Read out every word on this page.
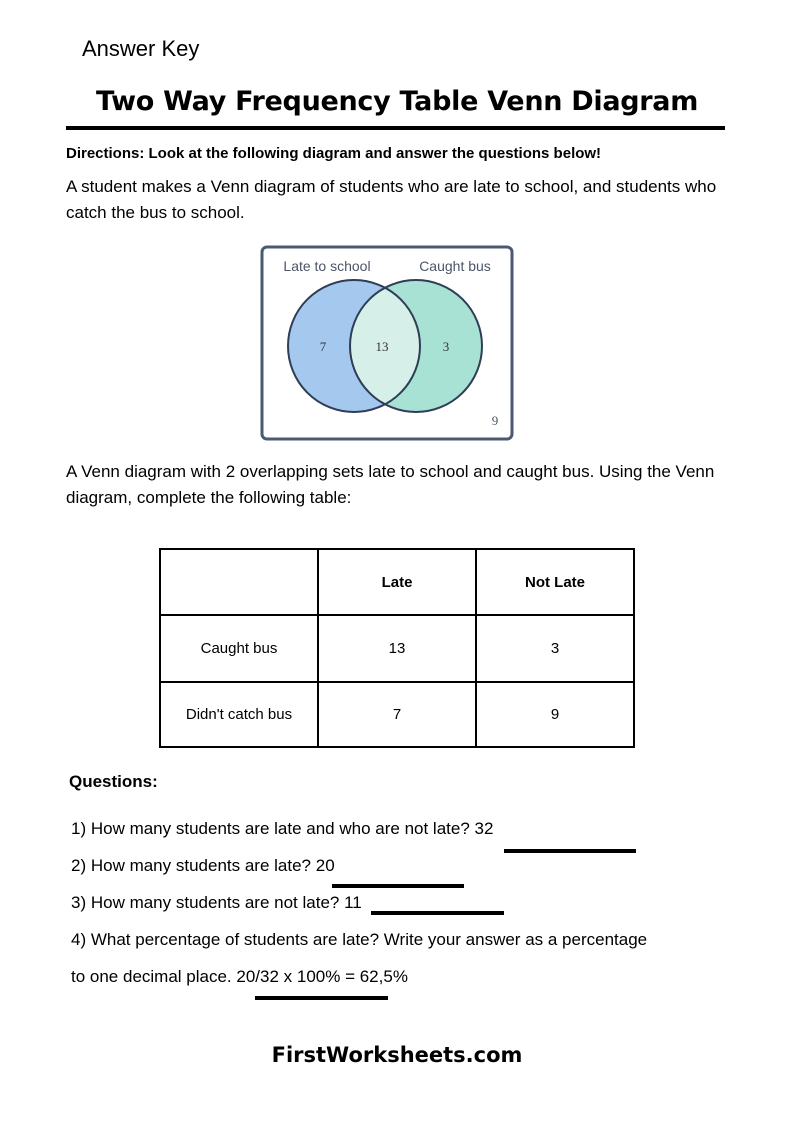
Answer Key
Two Way Frequency Table Venn Diagram
Directions: Look at the following diagram and answer the questions below!
A student makes a Venn diagram of students who are late to school, and students who catch the bus to school.
Late to school	Caught bus
7	13	3
9
A Venn diagram with 2 overlapping sets late to school and caught bus. Using the Venn diagram, complete the following table:
	Late	Not Late
Caught bus	13	3
Didn't catch bus	7	9
Questions:
1) How many students are late and who are not late? 32
2) How many students are late? 20
3) How many students are not late? 11
4) What percentage of students are late? Write your answer as a percentage
to one decimal place. 20/32 x 100% = 62,5%
FirstWorksheets.com
